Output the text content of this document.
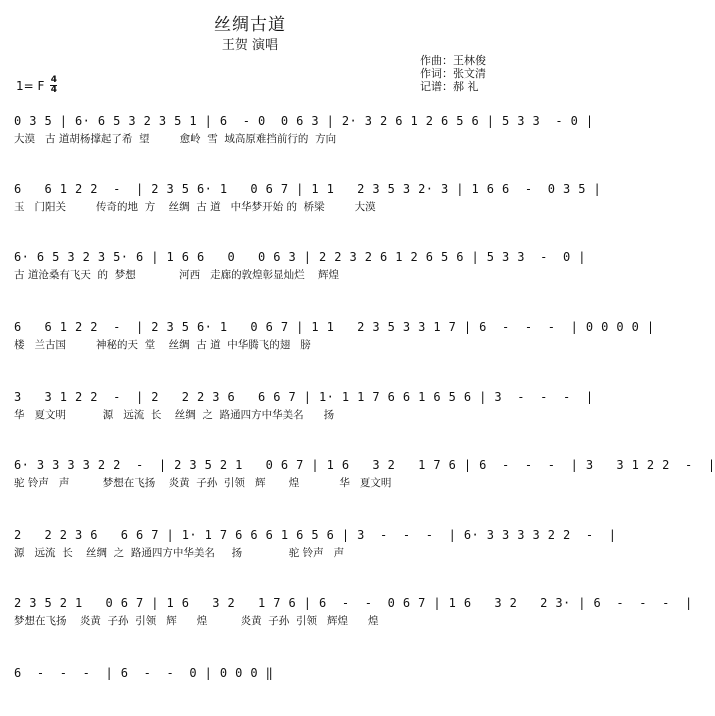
丝绸古道
王贺 演唱
作曲：王林俊
作词：张文清
记谱：郝 礼
1= F 4
4
0 3 5 | 6· 6 5 3 2 3 5 1 | 6  - 0  0 6 3 | 2· 3 2 6 1 2 6 5 6 | 5 3 3  - 0 |
大漠   古 道胡杨撑起了希  望         愈岭  雪  域高原难挡前行的  方向
6   6 1 2 2  -  | 2 3 5 6· 1   0 6 7 | 1 1   2 3 5 3 2· 3 | 1 6 6  -  0 3 5 |
玉   门阳关         传奇的地  方    丝绸  古 道   中华梦开始 的  桥梁         大漠
6· 6 5 3 2 3 5· 6 | 1 6 6   0   0 6 3 | 2 2 3 2 6 1 2 6 5 6 | 5 3 3  -  0 |
古 道沧桑有飞天  的  梦想             河西   走廊的敦煌彰显灿烂    辉煌
6   6 1 2 2  -  | 2 3 5 6· 1   0 6 7 | 1 1   2 3 5 3 3 1 7 | 6  -  -  -  | 0 0 0 0 |
楼   兰古国         神秘的天  堂    丝绸  古 道  中华腾飞的翅   膀
3   3 1 2 2  -  | 2   2 2 3 6   6 6 7 | 1· 1 1 7 6 6 1 6 5 6 | 3  -  -  -  |
华   夏文明           源   远流  长    丝绸  之  路通四方中华美名      扬
6· 3 3 3 3 2 2  -  | 2 3 5 2 1   0 6 7 | 1 6   3 2   1 7 6 | 6  -  -  -  | 3   3 1 2 2  -  |
驼 铃声   声          梦想在飞扬    炎黄  子孙  引领   辉       煌            华   夏文明
2   2 2 3 6   6 6 7 | 1· 1 7 6 6 6 1 6 5 6 | 3  -  -  -  | 6· 3 3 3 3 2 2  -  |
源   远流  长    丝绸  之  路通四方中华美名     扬              驼 铃声   声
2 3 5 2 1   0 6 7 | 1 6   3 2   1 7 6 | 6  -  -  0 6 7 | 1 6   3 2   2 3· | 6  -  -  -  |
梦想在飞扬    炎黄  子孙  引领   辉      煌          炎黄  子孙  引领   辉煌      煌
6  -  -  -  | 6  -  -  0 | 0 0 0 ‖
